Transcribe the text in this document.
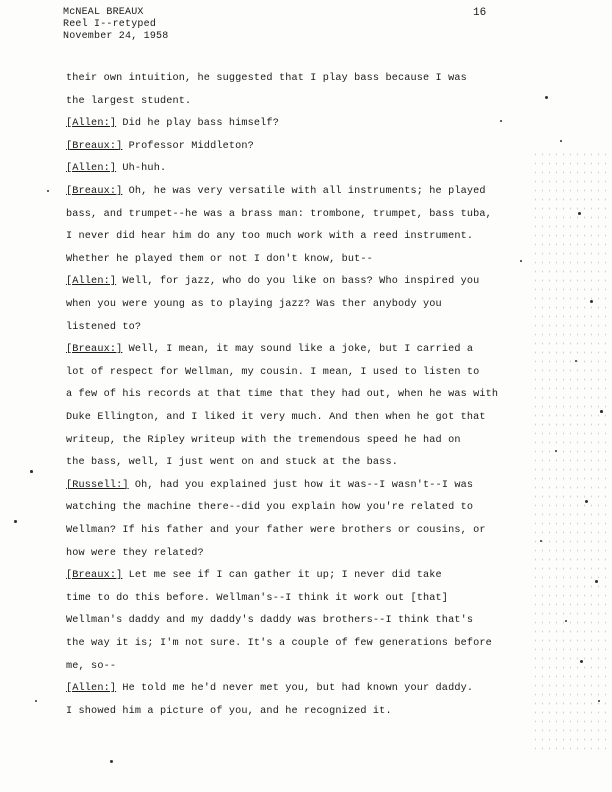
McNEAL BREAUX
Reel I--retyped
November 24, 1958
16
their own intuition, he suggested that I play bass because I was
the largest student.
[Allen:] Did he play bass himself?
[Breaux:] Professor Middleton?
[Allen:] Uh-huh.
[Breaux:] Oh, he was very versatile with all instruments; he played
bass, and trumpet--he was a brass man: trombone, trumpet, bass tuba,
I never did hear him do any too much work with a reed instrument.
Whether he played them or not I don't know, but--
[Allen:] Well, for jazz, who do you like on bass? Who inspired you
when you were young as to playing jazz? Was ther anybody you
listened to?
[Breaux:] Well, I mean, it may sound like a joke, but I carried a
lot of respect for Wellman, my cousin. I mean, I used to listen to
a few of his records at that time that they had out, when he was with
Duke Ellington, and I liked it very much. And then when he got that
writeup, the Ripley writeup with the tremendous speed he had on
the bass, well, I just went on and stuck at the bass.
[Russell:] Oh, had you explained just how it was--I wasn't--I was
watching the machine there--did you explain how you're related to
Wellman? If his father and your father were brothers or cousins, or
how were they related?
[Breaux:] Let me see if I can gather it up; I never did take
time to do this before. Wellman's--I think it work out [that]
Wellman's daddy and my daddy's daddy was brothers--I think that's
the way it is; I'm not sure. It's a couple of few generations before
me, so--
[Allen:] He told me he'd never met you, but had known your daddy.
I showed him a picture of you, and he recognized it.
